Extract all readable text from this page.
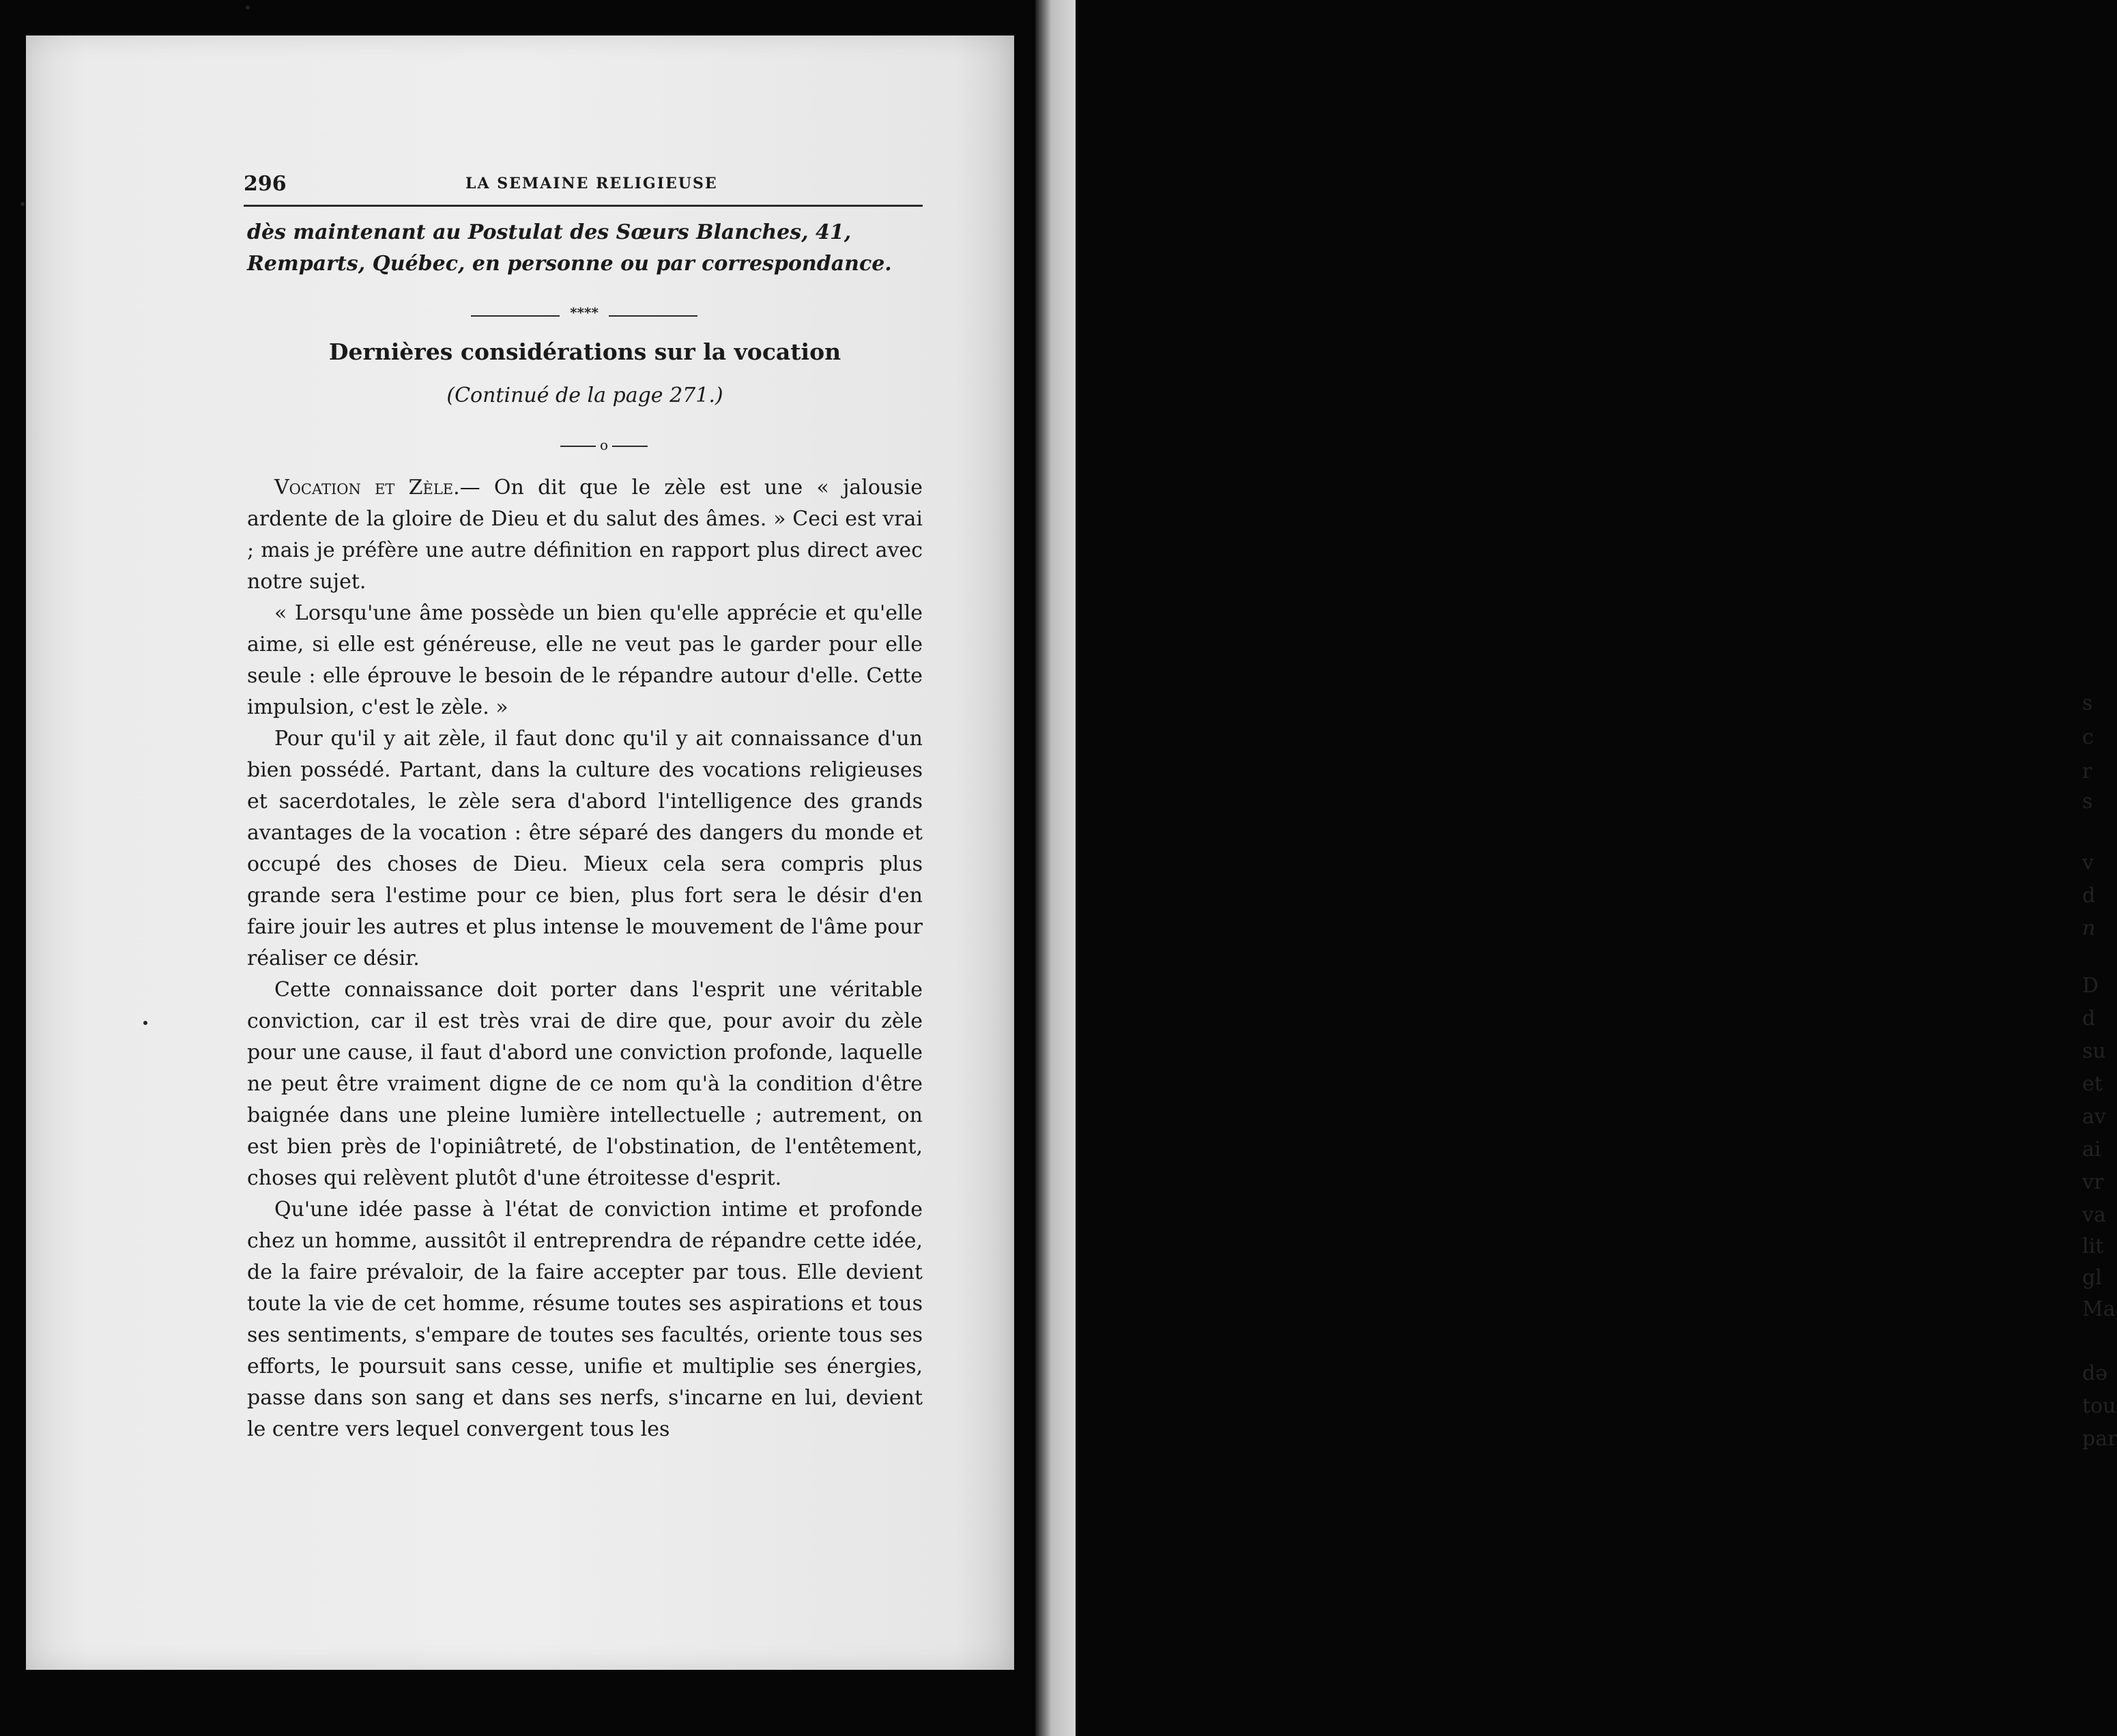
s
c
r
s
v
d
n
D
d
su
et
av
ai
vr
va
lit
gl
Ma
dә
tou
par
296	LA SEMAINE RELIGIEUSE
dès maintenant au Postulat des Sœurs Blanches, 41, Remparts, Québec, en personne ou par correspondance.
****
Dernières considérations sur la vocation
(Continué de la page 271.)
o

Vocation et Zèle.— On dit que le zèle est une « jalousie ardente de la gloire de Dieu et du salut des âmes. » Ceci est vrai ; mais je préfère une autre définition en rapport plus direct avec notre sujet.

« Lorsqu'une âme possède un bien qu'elle apprécie et qu'elle aime, si elle est généreuse, elle ne veut pas le garder pour elle seule : elle éprouve le besoin de le répandre autour d'elle. Cette impulsion, c'est le zèle. »

Pour qu'il y ait zèle, il faut donc qu'il y ait connaissance d'un bien possédé. Partant, dans la culture des vocations religieuses et sacerdotales, le zèle sera d'abord l'intelligence des grands avantages de la vocation : être séparé des dangers du monde et occupé des choses de Dieu. Mieux cela sera compris plus grande sera l'estime pour ce bien, plus fort sera le désir d'en faire jouir les autres et plus intense le mouvement de l'âme pour réaliser ce désir.

Cette connaissance doit porter dans l'esprit une véritable conviction, car il est très vrai de dire que, pour avoir du zèle pour une cause, il faut d'abord une conviction profonde, laquelle ne peut être vraiment digne de ce nom qu'à la condition d'être baignée dans une pleine lumière intellectuelle ; autrement, on est bien près de l'opiniâtreté, de l'obstination, de l'entêtement, choses qui relèvent plutôt d'une étroitesse d'esprit.

Qu'une idée passe à l'état de conviction intime et profonde chez un homme, aussitôt il entreprendra de répandre cette idée, de la faire prévaloir, de la faire accepter par tous. Elle devient toute la vie de cet homme, résume toutes ses aspirations et tous ses sentiments, s'empare de toutes ses facultés, oriente tous ses efforts, le poursuit sans cesse, unifie et multiplie ses énergies, passe dans son sang et dans ses nerfs, s'incarne en lui, devient le centre vers lequel convergent tous les
